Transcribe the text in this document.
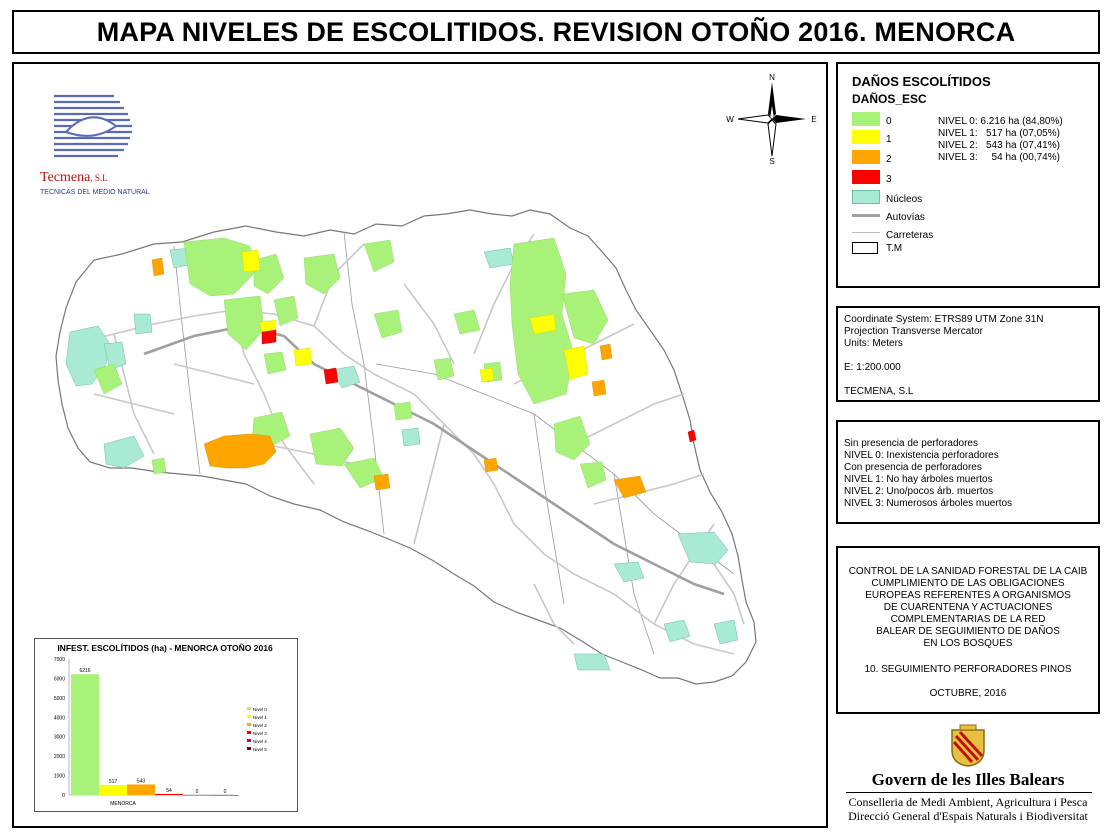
MAPA NIVELES DE ESCOLITIDOS. REVISION OTOÑO 2016. MENORCA
N
S
W	E
Tecmena, S.L
TECNICAS DEL MEDIO NATURAL
INFEST. ESCOLÍTIDOS (ha) - MENORCA OTOÑO 2016
0
1000
2000
3000
4000
5000
6000
7000
6216
517	543
54	0	0
MENORCA
Nivel 0
Nivel 1
Nivel 2
Nivel 3
Nivel 4
Nivel 5
DAÑOS ESCOLÍTIDOS
DAÑOS_ESC
0
1
2
3
NIVEL 0: 6.216 ha (84,80%)
NIVEL 1:   517 ha (07,05%)
NIVEL 2:   543 ha (07,41%)
NIVEL 3:     54 ha (00,74%)
Núcleos
Autovías
Carreteras
T.M
Coordinate System: ETRS89 UTM Zone 31N
Projection Transverse Mercator
Units: Meters
E: 1:200.000
TECMENA, S.L
Sin presencia de perforadores
NIVEL 0: Inexistencia perforadores
Con presencia de perforadores
NIVEL 1: No hay árboles muertos
NIVEL 2: Uno/pocos árb. muertos
NIVEL 3: Numerosos árboles muertos
CONTROL DE LA SANIDAD FORESTAL DE LA CAIB
CUMPLIMIENTO DE LAS OBLIGACIONES
EUROPEAS REFERENTES A ORGANISMOS
DE CUARENTENA Y ACTUACIONES
COMPLEMENTARIAS DE LA RED
BALEAR DE SEGUIMIENTO DE DAÑOS
EN LOS BOSQUES
10. SEGUIMIENTO PERFORADORES PINOS
OCTUBRE, 2016
Govern de les Illes Balears
Conselleria de Medi Ambient, Agricultura i Pesca
Direcció General d'Espais Naturals i Biodiversitat
